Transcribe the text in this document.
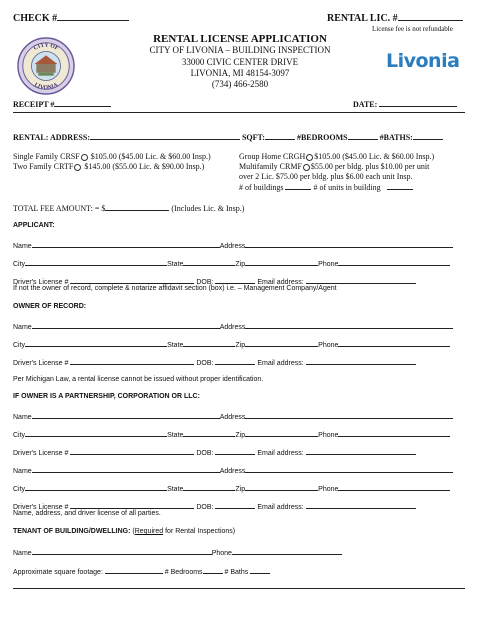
CHECK #	RENTAL LIC. #
License fee is not refundable
RENTAL LICENSE APPLICATION
CITY OF LIVONIA – BUILDING INSPECTION
33000 CIVIC CENTER DRIVE
LIVONIA, MI 48154-3097
(734) 466-2580
CITY OF
LIVONIA
Livonia
RECEIPT #	DATE:
RENTAL: ADDRESS:	SQFT:	#BEDROOMS	#BATHS:
Single Family CRSF $105.00 ($45.00 Lic. & $60.00 Insp.)
Two Family CRTF $145.00 ($55.00 Lic. & $90.00 Insp.)
Group Home CRGH $105.00 ($45.00 Lic. & $60.00 Insp.)
Multifamily CRMF $55.00 per bldg. plus $10.00 per unit
over 2 Lic. $75.00 per bldg. plus $6.00 each unit Insp.
# of buildings	# of units in building
TOTAL FEE AMOUNT: = $	(Includes Lic. & Insp.)
APPLICANT:
Name	Address
City	State	Zip	Phone
Driver's License #	DOB:	Email address:
If not the owner of record, complete & notarize affidavit section (box) i.e. – Management Company/Agent
OWNER OF RECORD:
Name	Address
City	State	Zip	Phone
Driver's License #	DOB:	Email address:
Per Michigan Law, a rental license cannot be issued without proper identification.
IF OWNER IS A PARTNERSHIP, CORPORATION OR LLC:
Name	Address
City	State	Zip	Phone
Driver's License #	DOB:	Email address:
Name	Address
City	State	Zip	Phone
Driver's License #	DOB:	Email address:
Name, address, and driver license of all parties.
TENANT OF BUILDING/DWELLING: (Required for Rental Inspections)
Name	Phone
Approximate square footage:	# Bedrooms	# Baths
